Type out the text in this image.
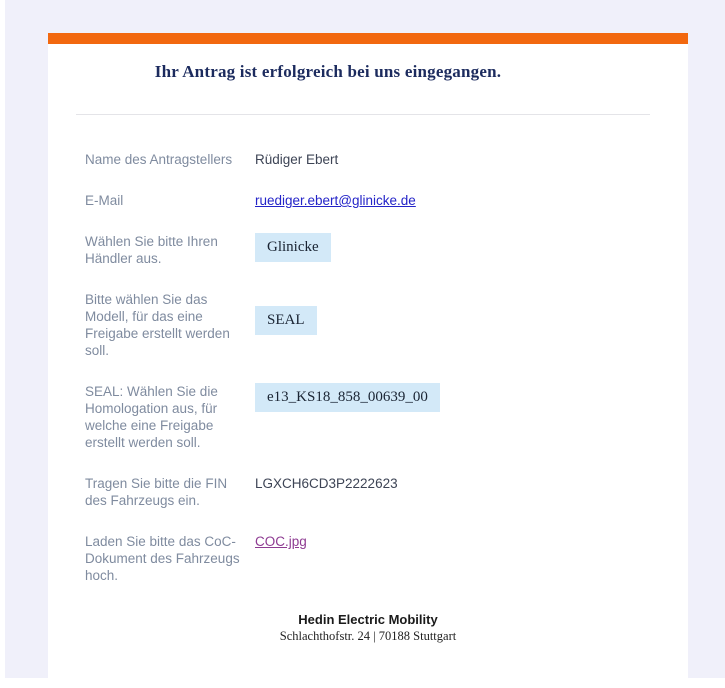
Ihr Antrag ist erfolgreich bei uns eingegangen.
Name des Antragstellers	Rüdiger Ebert
E-Mail	ruediger.ebert@glinicke.de
Wählen Sie bitte Ihren Händler aus.
Glinicke
Bitte wählen Sie das Modell, für das eine Freigabe erstellt werden soll.
SEAL
SEAL: Wählen Sie die Homologation aus, für welche eine Freigabe erstellt werden soll.
e13_KS18_858_00639_00
Tragen Sie bitte die FIN des Fahrzeugs ein.
LGXCH6CD3P2222623
Laden Sie bitte das CoC-Dokument des Fahrzeugs hoch.
COC.jpg
Hedin Electric Mobility
Schlachthofstr. 24 | 70188 Stuttgart
